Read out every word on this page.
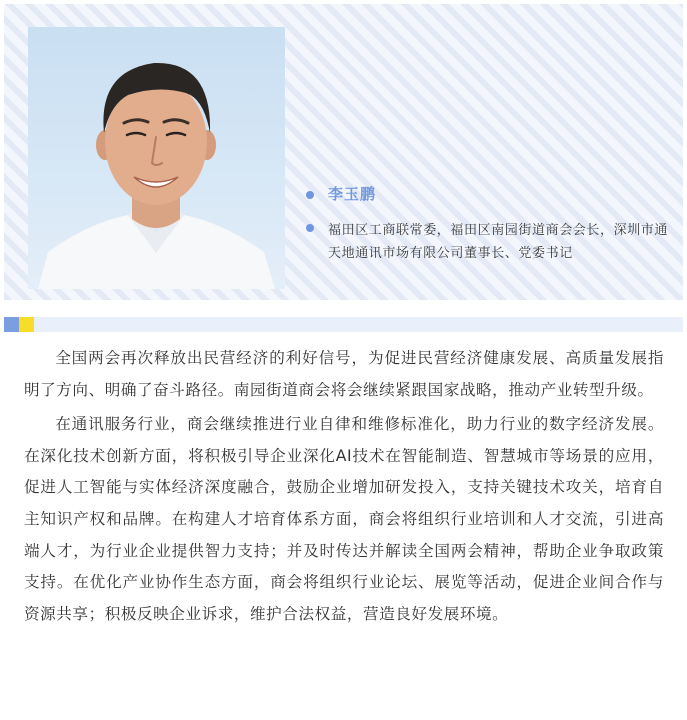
李玉鹏
福田区工商联常委，福田区南园街道商会会长，深圳市通天地通讯市场有限公司董事长、党委书记

全国两会再次释放出民营经济的利好信号，为促进民营经济健康发展、高质量发展指明了方向、明确了奋斗路径。南园街道商会将会继续紧跟国家战略，推动产业转型升级。

在通讯服务行业，商会继续推进行业自律和维修标准化，助力行业的数字经济发展。在深化技术创新方面，将积极引导企业深化AI技术在智能制造、智慧城市等场景的应用，促进人工智能与实体经济深度融合，鼓励企业增加研发投入，支持关键技术攻关，培育自主知识产权和品牌。在构建人才培育体系方面，商会将组织行业培训和人才交流，引进高端人才，为行业企业提供智力支持；并及时传达并解读全国两会精神，帮助企业争取政策支持。在优化产业协作生态方面，商会将组织行业论坛、展览等活动，促进企业间合作与资源共享；积极反映企业诉求，维护合法权益，营造良好发展环境。
